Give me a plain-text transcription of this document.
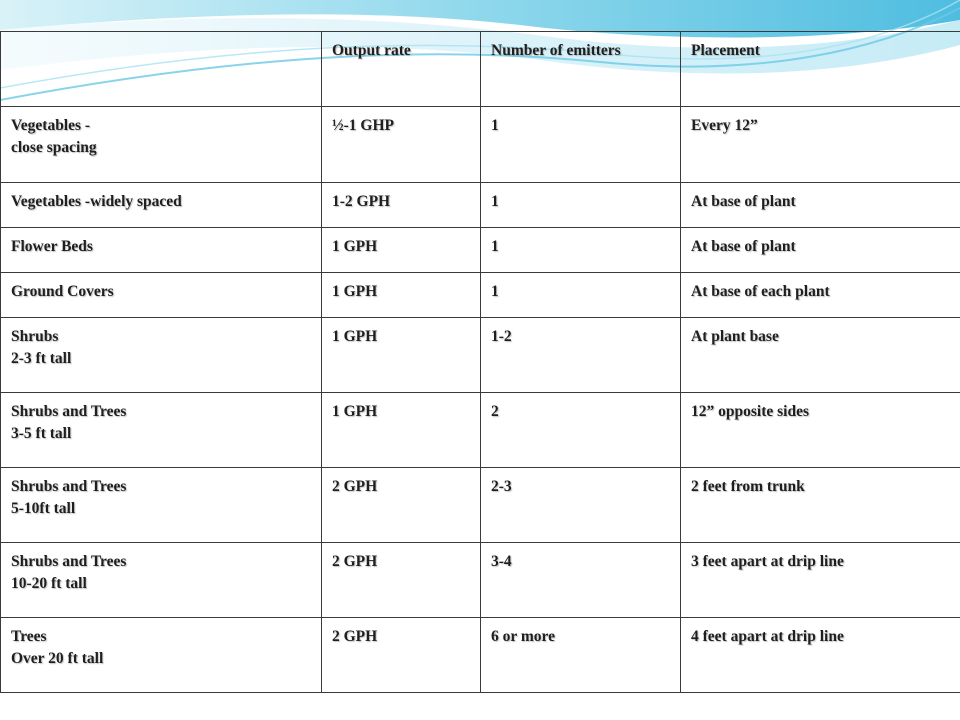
	Output rate	Number of emitters	Placement

Vegetables -
close spacing	½-1 GHP	1	Every 12”

Vegetables -widely spaced	1-2 GPH	1	At base of plant

Flower Beds	1 GPH	1	At base of plant

Ground Covers	1 GPH	1	At base of each plant

Shrubs
2-3 ft tall	1 GPH	1-2	At plant base

Shrubs and Trees
3-5 ft tall	1 GPH	2	12” opposite sides

Shrubs and Trees
5-10ft tall	2 GPH	2-3	2 feet from trunk

Shrubs and Trees
10-20 ft tall	2 GPH	3-4	3 feet apart at drip line

Trees
Over 20 ft tall	2 GPH	6 or more	4 feet apart at drip line
